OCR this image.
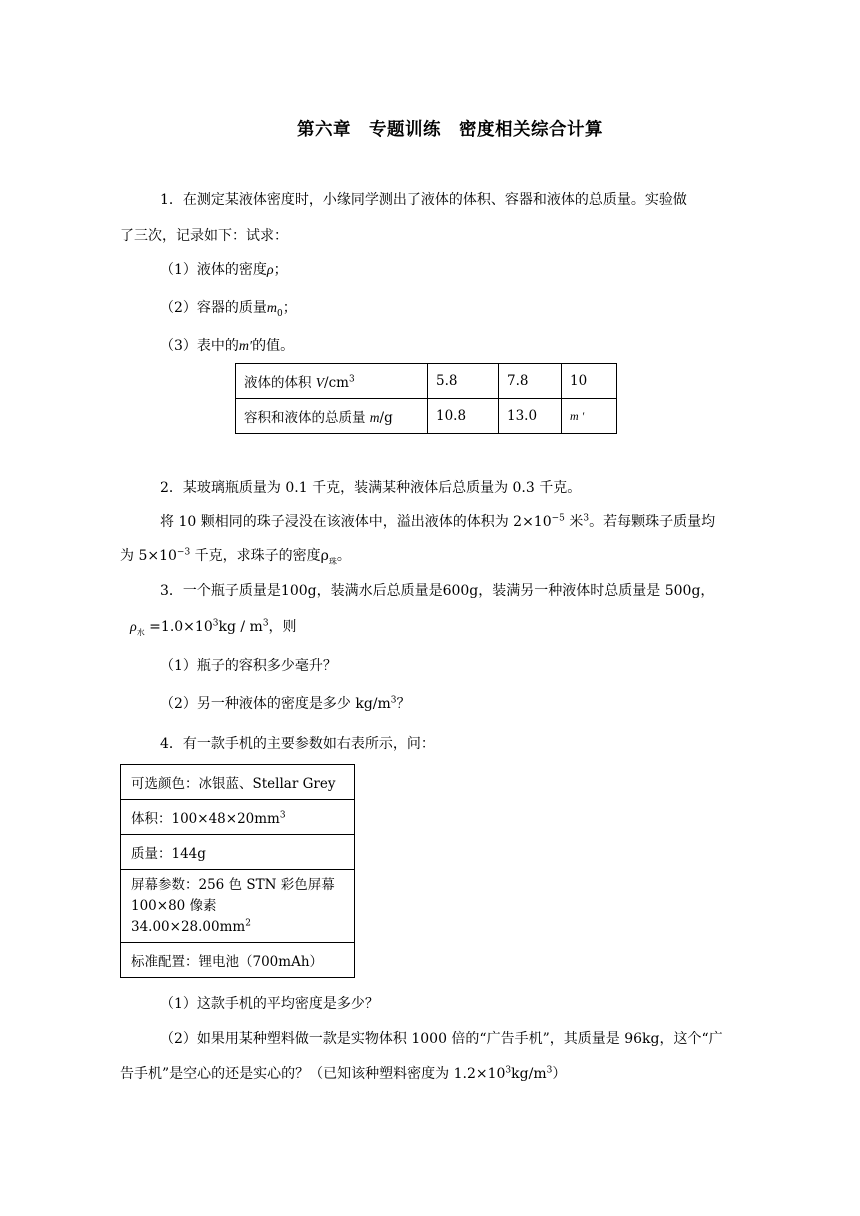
第六章　专题训练　密度相关综合计算
1．在测定某液体密度时，小缘同学测出了液体的体积、容器和液体的总质量。实验做
了三次，记录如下：试求：
（1）液体的密度ρ；
（2）容器的质量$m_0$；
（3）表中的m′的值。
液体的体积 $V/cm^3$	5.8	7.8	10
容积和液体的总质量 m/g	10.8	13.0	m '
2．某玻璃瓶质量为 0.1 千克，装满某种液体后总质量为 0.3 千克。
将 10 颗相同的珠子浸没在该液体中，溢出液体的体积为 $2\times 10^{-5}$ 米$^3$。若每颗珠子质量均
为 $5\times 10^{-3}$ 千克，求珠子的密度$\rho_珠$。
3．一个瓶子质量是100g，装满水后总质量是600g，装满另一种液体时总质量是 500g，
$\rho_水 =1.0\times 10^3kg / m^3$，则
（1）瓶子的容积多少毫升？
（2）另一种液体的密度是多少 $kg/m^3$？
4．有一款手机的主要参数如右表所示，问：
可选颜色：冰银蓝、Stellar Grey
体积：$100\times 48\times 20mm^3$
质量：144g

屏幕参数：256 色 STN 彩色屏幕
100×80 像素
$34.00\times 28.00mm^2$

标准配置：锂电池（700mAh）
（1）这款手机的平均密度是多少？
（2）如果用某种塑料做一款是实物体积 1000 倍的“广告手机”，其质量是 96kg，这个“广
告手机”是空心的还是实心的？（已知该种塑料密度为 $1.2\times 10^3kg/m^3$）
